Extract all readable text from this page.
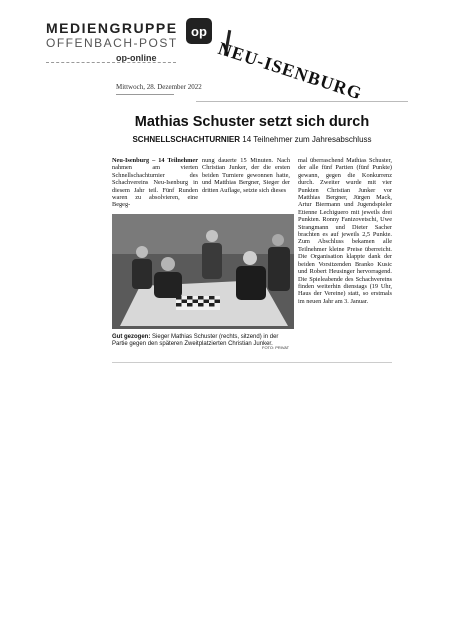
MEDIENGRUPPE
OFFENBACH-POST
op
op-online	NEU-ISENBURG
Mittwoch, 28. Dezember 2022
Mathias Schuster setzt sich durch
SCHNELLSCHACHTURNIER 14 Teilnehmer zum Jahresabschluss
Neu-Isenburg – 14 Teilnehmer nahmen am vierten Schnellschachturnier des Schachvereins Neu-Isenburg in diesem Jahr teil. Fünf Runden waren zu absolvieren, eine Begeg-
nung dauerte 15 Minuten. Nach Christian Junker, der die ersten beiden Turniere gewonnen hatte, und Matthias Bergner, Sieger der dritten Auflage, setzte sich dieses
mal überraschend Mathias Schuster, der alle fünf Partien (fünf Punkte) gewann, gegen die Konkurrenz durch. Zweiter wurde mit vier Punkten Christian Junker vor Matthias Bergner, Jürgen Mack, Artur Biermann und Jugendspieler Etienne Lechiguero mit jeweils drei Punkten. Ronny Fanizovetschi, Uwe Strangmann und Dieter Sacher brachten es auf jeweils 2,5 Punkte. Zum Abschluss bekamen alle Teilnehmer kleine Preise überreicht. Die Organisation klappte dank der beiden Vorsitzenden Branko Kusic und Robert Heusinger hervorragend. Die Spieleabende des Schachvereins finden weiterhin dienstags (19 Uhr, Haus der Vereine) statt, so erstmals im neuen Jahr am 3. Januar.
Gut gezogen: Sieger Mathias Schuster (rechts, sitzend) in der Partie gegen den späteren Zweitplatzierten Christian Junker.
FOTO: PRIVAT
